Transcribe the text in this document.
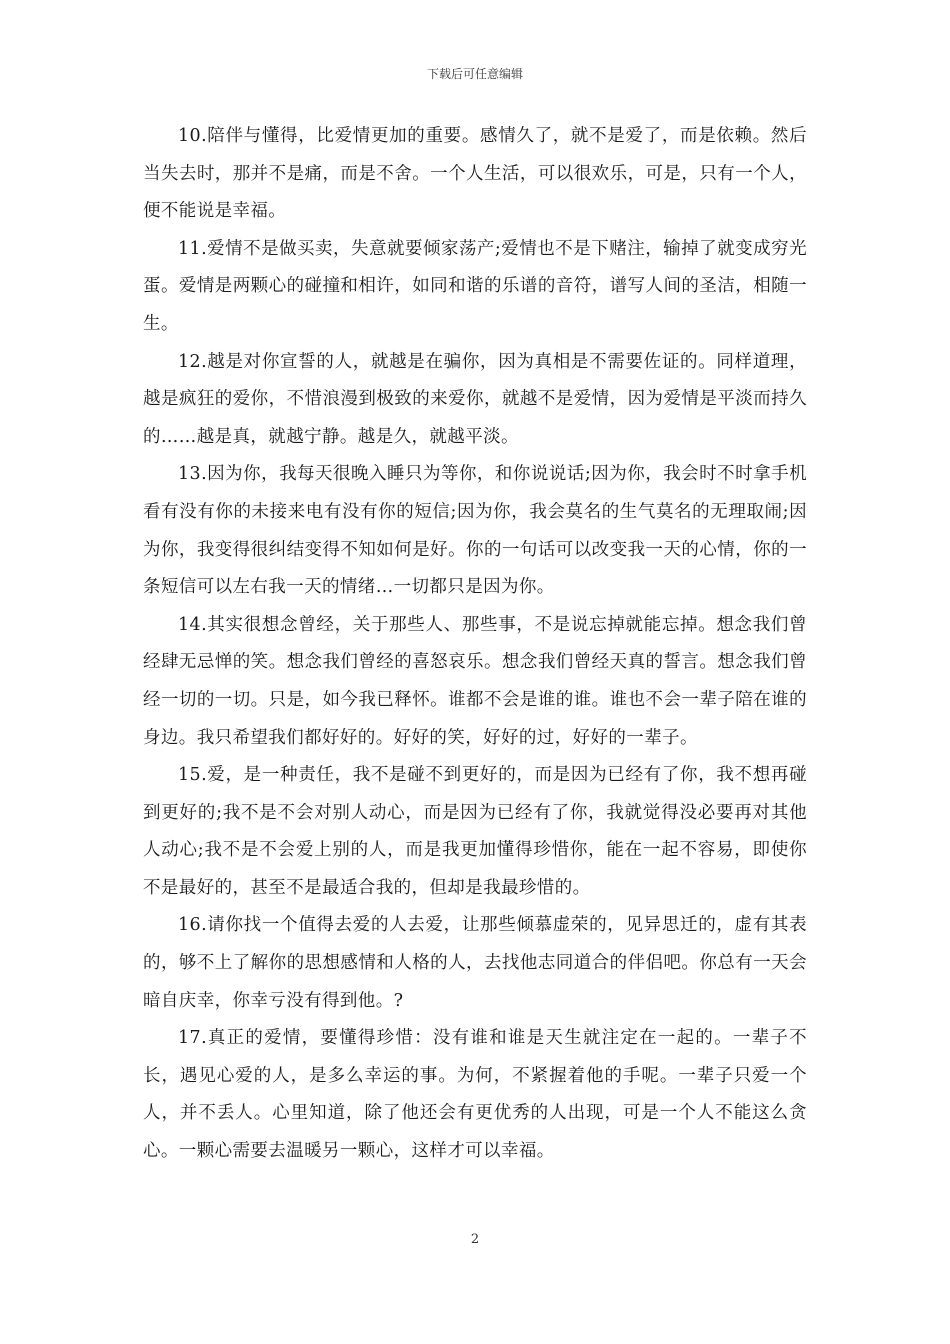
下载后可任意编辑

10.陪伴与懂得，比爱情更加的重要。感情久了，就不是爱了，而是依赖。然后当失去时，那并不是痛，而是不舍。一个人生活，可以很欢乐，可是，只有一个人，便不能说是幸福。

11.爱情不是做买卖，失意就要倾家荡产;爱情也不是下赌注，输掉了就变成穷光蛋。爱情是两颗心的碰撞和相许，如同和谐的乐谱的音符，谱写人间的圣洁，相随一生。

12.越是对你宣誓的人，就越是在骗你，因为真相是不需要佐证的。同样道理，越是疯狂的爱你，不惜浪漫到极致的来爱你，就越不是爱情，因为爱情是平淡而持久的……越是真，就越宁静。越是久，就越平淡。

13.因为你，我每天很晚入睡只为等你，和你说说话;因为你，我会时不时拿手机看有没有你的未接来电有没有你的短信;因为你，我会莫名的生气莫名的无理取闹;因为你，我变得很纠结变得不知如何是好。你的一句话可以改变我一天的心情，你的一条短信可以左右我一天的情绪…一切都只是因为你。

14.其实很想念曾经，关于那些人、那些事，不是说忘掉就能忘掉。想念我们曾经肆无忌惮的笑。想念我们曾经的喜怒哀乐。想念我们曾经天真的誓言。想念我们曾经一切的一切。只是，如今我已释怀。谁都不会是谁的谁。谁也不会一辈子陪在谁的身边。我只希望我们都好好的。好好的笑，好好的过，好好的一辈子。

15.爱，是一种责任，我不是碰不到更好的，而是因为已经有了你，我不想再碰到更好的;我不是不会对别人动心，而是因为已经有了你，我就觉得没必要再对其他人动心;我不是不会爱上别的人，而是我更加懂得珍惜你，能在一起不容易，即使你不是最好的，甚至不是最适合我的，但却是我最珍惜的。

16.请你找一个值得去爱的人去爱，让那些倾慕虚荣的，见异思迁的，虚有其表的，够不上了解你的思想感情和人格的人，去找他志同道合的伴侣吧。你总有一天会暗自庆幸，你幸亏没有得到他。?

17.真正的爱情，要懂得珍惜：没有谁和谁是天生就注定在一起的。一辈子不长，遇见心爱的人，是多么幸运的事。为何，不紧握着他的手呢。一辈子只爱一个人，并不丢人。心里知道，除了他还会有更优秀的人出现，可是一个人不能这么贪心。一颗心需要去温暖另一颗心，这样才可以幸福。

2
